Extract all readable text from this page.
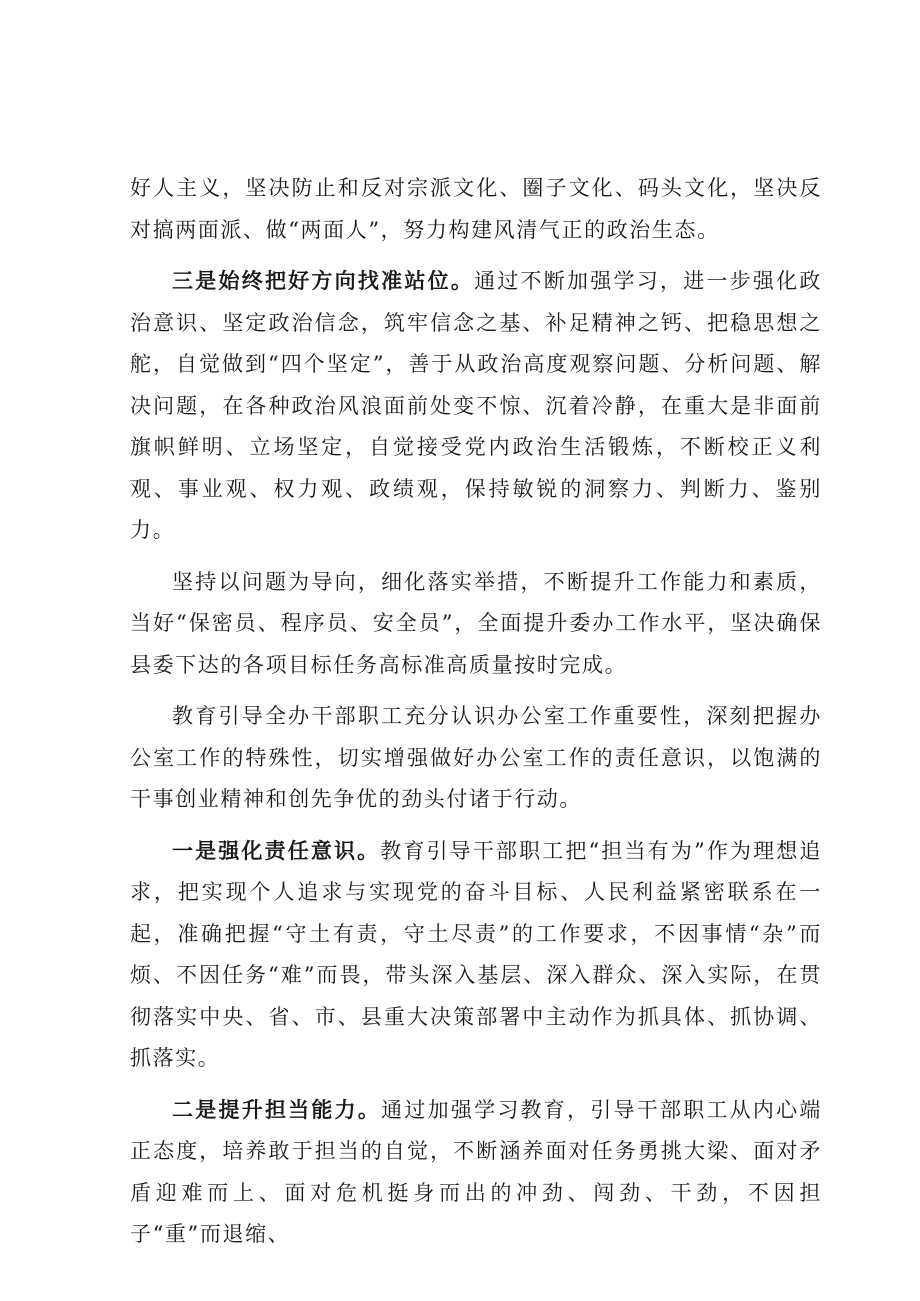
好人主义，坚决防止和反对宗派文化、圈子文化、码头文化，坚决反对搞两面派、做“两面人”，努力构建风清气正的政治生态。

三是始终把好方向找准站位。通过不断加强学习，进一步强化政治意识、坚定政治信念，筑牢信念之基、补足精神之钙、把稳思想之舵，自觉做到“四个坚定”，善于从政治高度观察问题、分析问题、解决问题，在各种政治风浪面前处变不惊、沉着冷静，在重大是非面前旗帜鲜明、立场坚定，自觉接受党内政治生活锻炼，不断校正义利观、事业观、权力观、政绩观，保持敏锐的洞察力、判断力、鉴别力。

坚持以问题为导向，细化落实举措，不断提升工作能力和素质，当好“保密员、程序员、安全员”，全面提升委办工作水平，坚决确保县委下达的各项目标任务高标准高质量按时完成。

教育引导全办干部职工充分认识办公室工作重要性，深刻把握办公室工作的特殊性，切实增强做好办公室工作的责任意识，以饱满的干事创业精神和创先争优的劲头付诸于行动。

一是强化责任意识。教育引导干部职工把“担当有为”作为理想追求，把实现个人追求与实现党的奋斗目标、人民利益紧密联系在一起，准确把握“守土有责，守土尽责”的工作要求，不因事情“杂”而烦、不因任务“难”而畏，带头深入基层、深入群众、深入实际，在贯彻落实中央、省、市、县重大决策部署中主动作为抓具体、抓协调、抓落实。

二是提升担当能力。通过加强学习教育，引导干部职工从内心端正态度，培养敢于担当的自觉，不断涵养面对任务勇挑大梁、面对矛盾迎难而上、面对危机挺身而出的冲劲、闯劲、干劲，不因担子“重”而退缩、
